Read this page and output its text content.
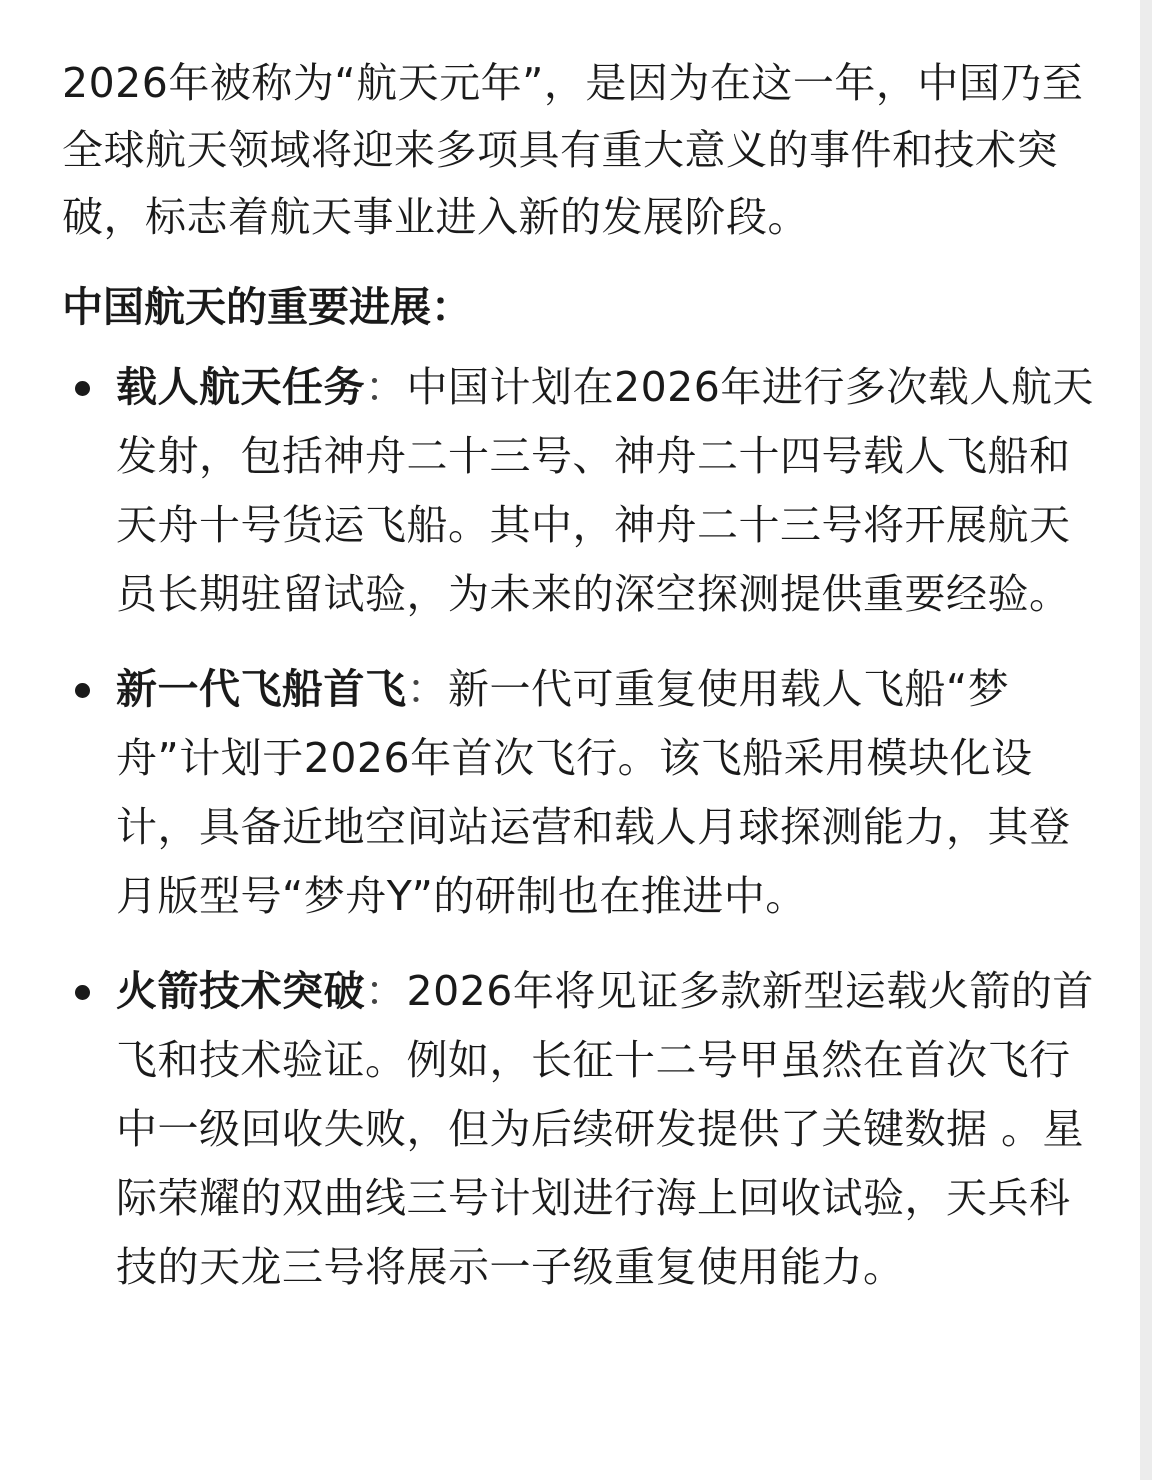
2026年被称为“航天元年”，是因为在这一年，中国乃至全球航天领域将迎来多项具有重大意义的事件和技术突破，标志着航天事业进入新的发展阶段。

中国航天的重要进展：
载人航天任务：中国计划在2026年进行多次载人航天发射，包括神舟二十三号、神舟二十四号载人飞船和天舟十号货运飞船。其中，神舟二十三号将开展航天员长期驻留试验，为未来的深空探测提供重要经验。
新一代飞船首飞：新一代可重复使用载人飞船“梦舟”计划于2026年首次飞行。该飞船采用模块化设计，具备近地空间站运营和载人月球探测能力，其登月版型号“梦舟Y”的研制也在推进中。
火箭技术突破：2026年将见证多款新型运载火箭的首飞和技术验证。例如，长征十二号甲虽然在首次飞行中一级回收失败，但为后续研发提供了关键数据 。星际荣耀的双曲线三号计划进行海上回收试验，天兵科技的天龙三号将展示一子级重复使用能力。
